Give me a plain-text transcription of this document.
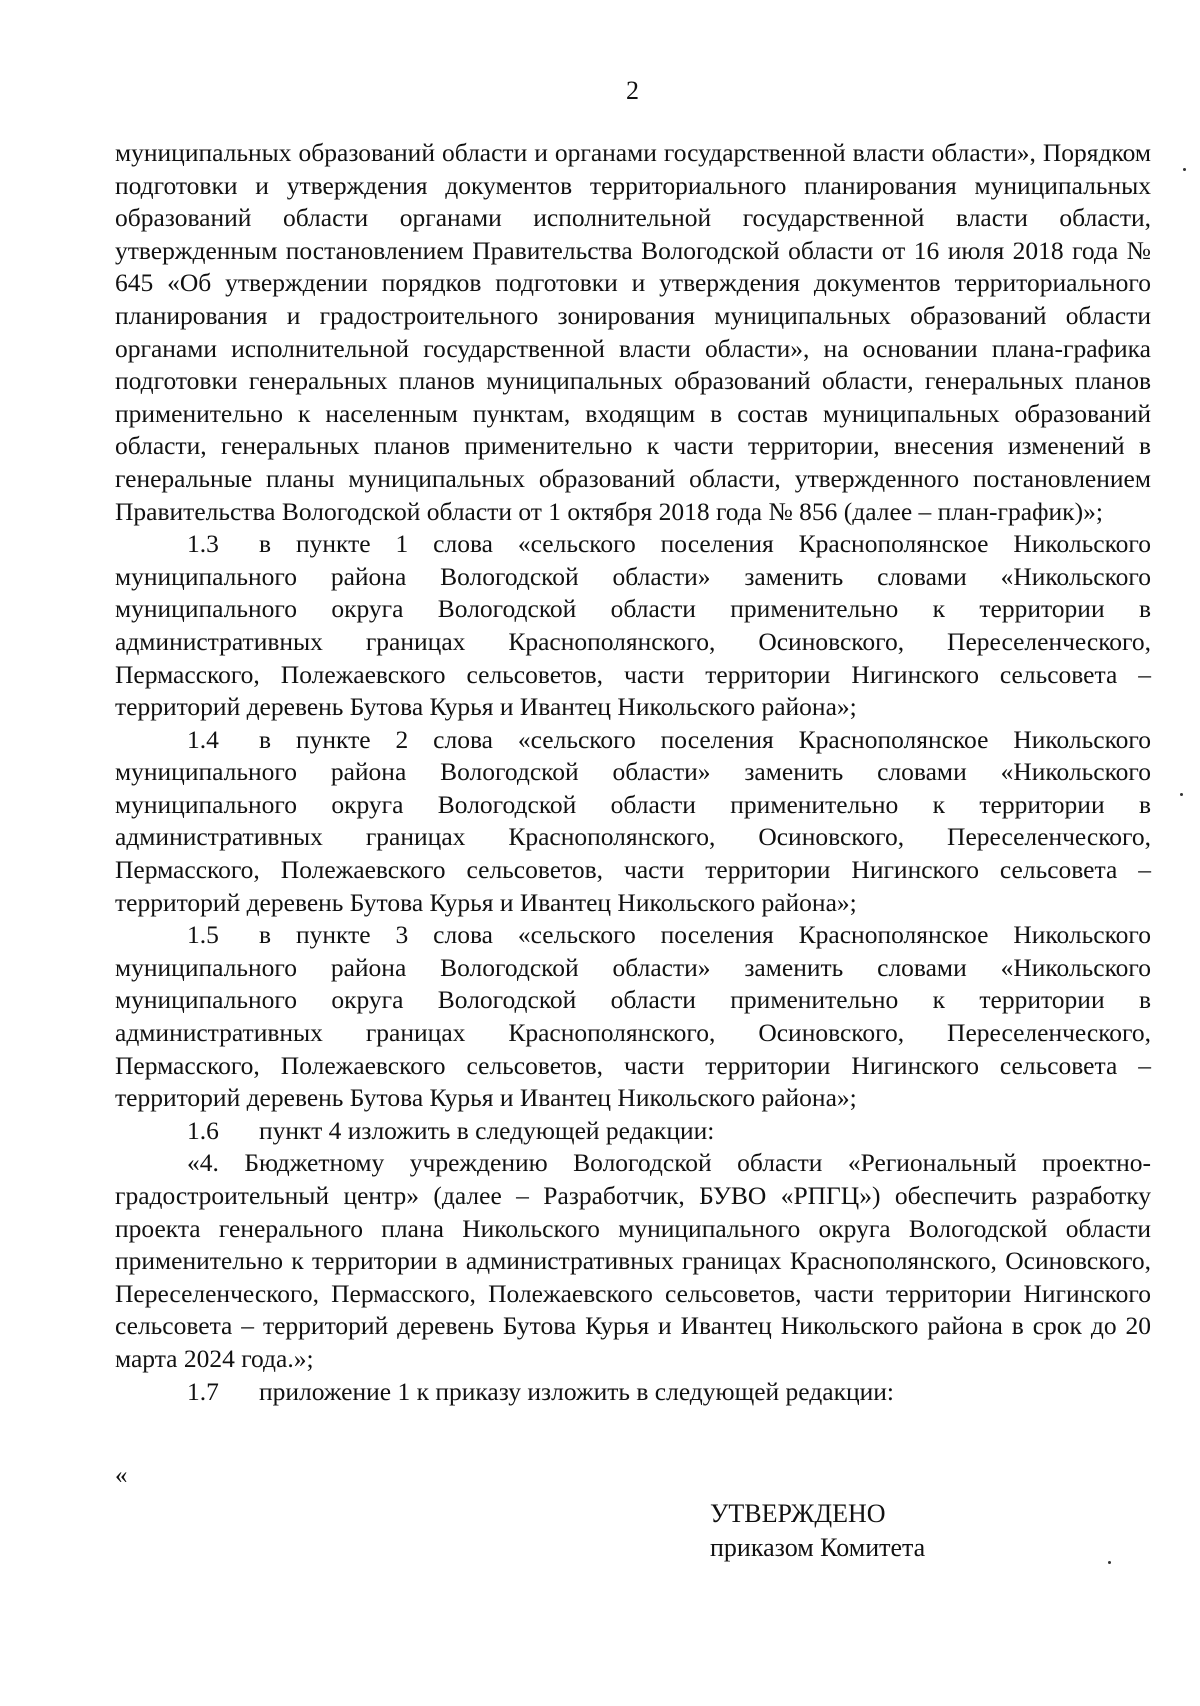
2

муниципальных образований области и органами государственной власти области», Порядком подготовки и утверждения документов территориального планирования муниципальных образований области органами исполнительной государственной власти области, утвержденным постановлением Правительства Вологодской области от 16 июля 2018 года № 645 «Об утверждении порядков подготовки и утверждения документов территориального планирования и градостроительного зонирования муниципальных образований области органами исполнительной государственной власти области», на основании плана-графика подготовки генеральных планов муниципальных образований области, генеральных планов применительно к населенным пунктам, входящим в состав муниципальных образований области, генеральных планов применительно к части территории, внесения изменений в генеральные планы муниципальных образований области, утвержденного постановлением Правительства Вологодской области от 1 октября 2018 года № 856 (далее – план-график)»;

1.3 в пункте 1 слова «сельского поселения Краснополянское Никольского муниципального района Вологодской области» заменить словами «Никольского муниципального округа Вологодской области применительно к территории в административных границах Краснополянского, Осиновского, Переселенческого, Пермасского, Полежаевского сельсоветов, части территории Нигинского сельсовета – территорий деревень Бутова Курья и Ивантец Никольского района»;

1.4 в пункте 2 слова «сельского поселения Краснополянское Никольского муниципального района Вологодской области» заменить словами «Никольского муниципального округа Вологодской области применительно к территории в административных границах Краснополянского, Осиновского, Переселенческого, Пермасского, Полежаевского сельсоветов, части территории Нигинского сельсовета – территорий деревень Бутова Курья и Ивантец Никольского района»;

1.5 в пункте 3 слова «сельского поселения Краснополянское Никольского муниципального района Вологодской области» заменить словами «Никольского муниципального округа Вологодской области применительно к территории в административных границах Краснополянского, Осиновского, Переселенческого, Пермасского, Полежаевского сельсоветов, части территории Нигинского сельсовета – территорий деревень Бутова Курья и Ивантец Никольского района»;

1.6 пункт 4 изложить в следующей редакции:

«4. Бюджетному учреждению Вологодской области «Региональный проектно-градостроительный центр» (далее – Разработчик, БУВО «РПГЦ») обеспечить разработку проекта генерального плана Никольского муниципального округа Вологодской области применительно к территории в административных границах Краснополянского, Осиновского, Переселенческого, Пермасского, Полежаевского сельсоветов, части территории Нигинского сельсовета – территорий деревень Бутова Курья и Ивантец Никольского района в срок до 20 марта 2024 года.»;

1.7 приложение 1 к приказу изложить в следующей редакции:

«
УТВЕРЖДЕНО
приказом Комитета
